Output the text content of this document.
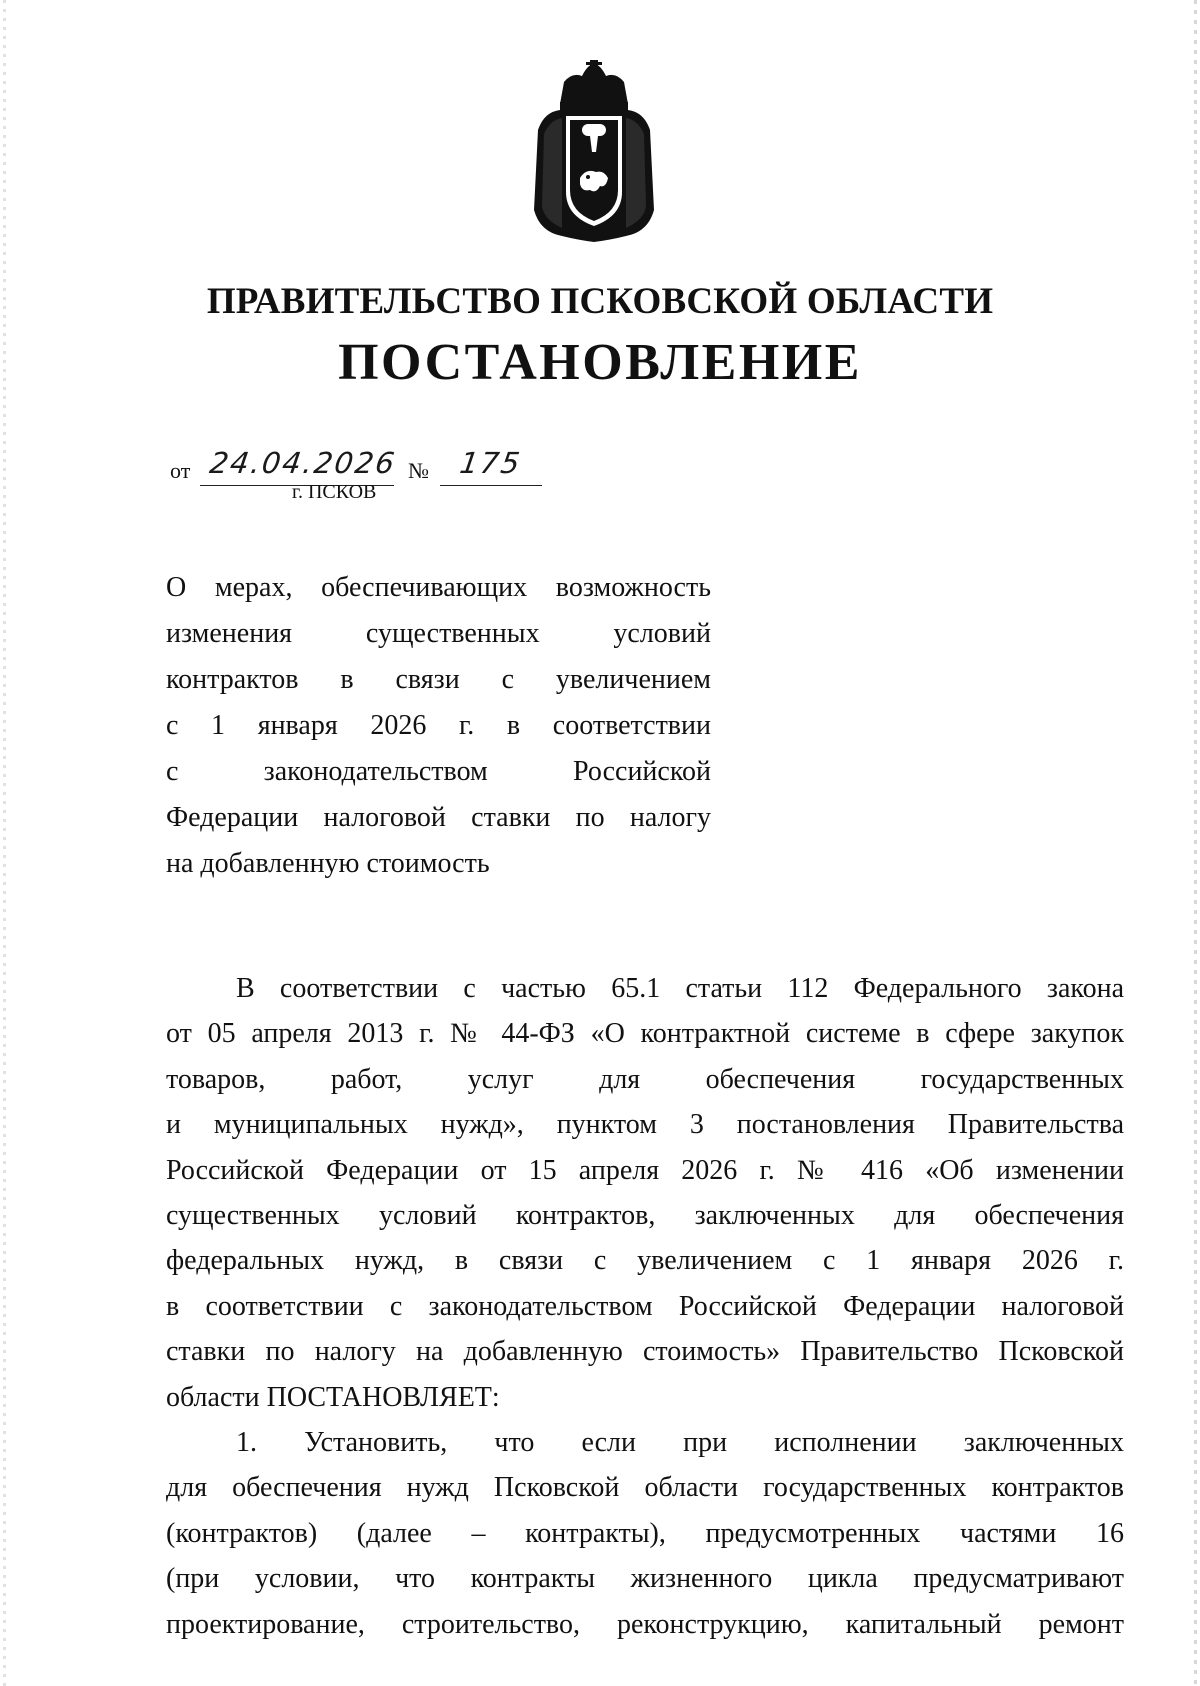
ПРАВИТЕЛЬСТВО ПСКОВСКОЙ ОБЛАСТИ
ПОСТАНОВЛЕНИЕ
от 24.04.2026 № 175
г. ПСКОВ

О мерах, обеспечивающих возможность

изменения существенных условий

контрактов в связи с увеличением

с 1 января 2026 г. в соответствии

с законодательством Российской

Федерации налоговой ставки по налогу

на добавленную стоимость

В соответствии с частью 65.1 статьи 112 Федерального закона

от 05 апреля 2013 г. № 44-ФЗ «О контрактной системе в сфере закупок

товаров, работ, услуг для обеспечения государственных

и муниципальных нужд», пунктом 3 постановления Правительства

Российской Федерации от 15 апреля 2026 г. № 416 «Об изменении

существенных условий контрактов, заключенных для обеспечения

федеральных нужд, в связи с увеличением с 1 января 2026 г.

в соответствии с законодательством Российской Федерации налоговой

ставки по налогу на добавленную стоимость» Правительство Псковской

области ПОСТАНОВЛЯЕТ:

1. Установить, что если при исполнении заключенных

для обеспечения нужд Псковской области государственных контрактов

(контрактов) (далее – контракты), предусмотренных частями 16

(при условии, что контракты жизненного цикла предусматривают

проектирование, строительство, реконструкцию, капитальный ремонт
